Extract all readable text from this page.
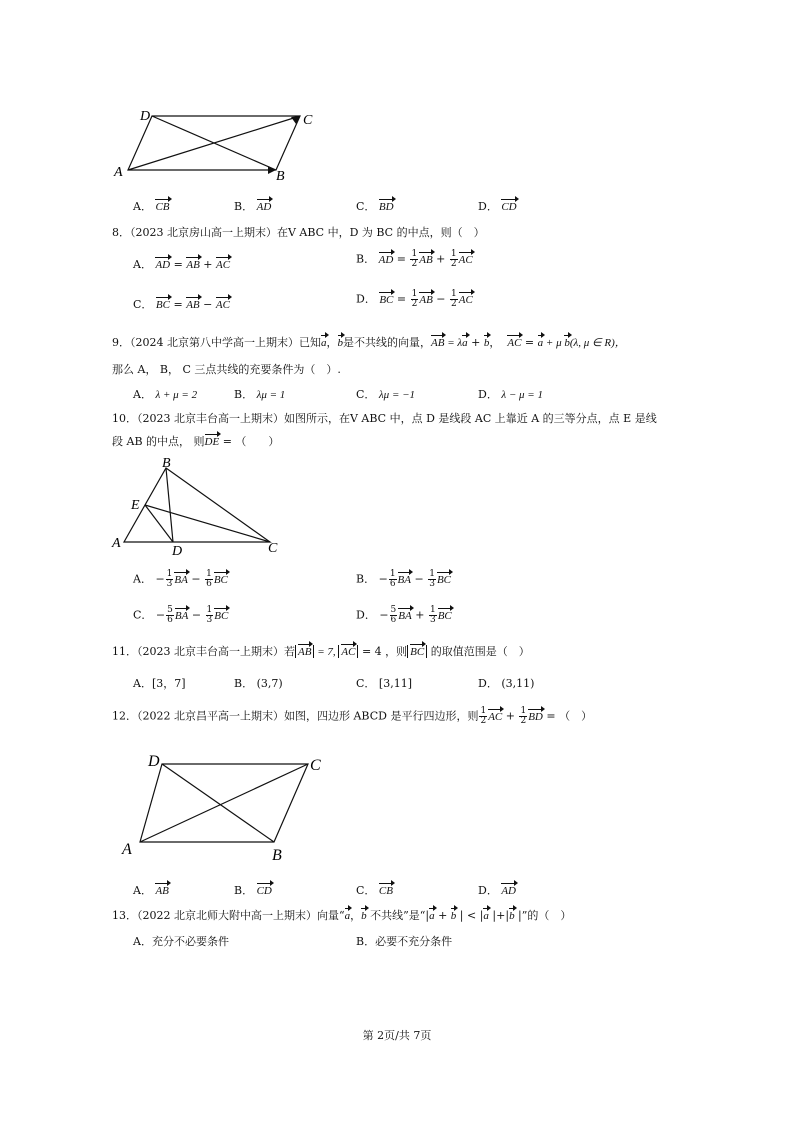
A	B
C
D
A． CB	B． AD	C． BD	D． CD
8．（2023 北京房山高一上期末）在V ABC 中，D 为 BC 的中点，则（　）
A． AD = AB + AC	B． AD = $\frac{1}{2}$ AB + $\frac{1}{2}$ AC
C． BC = AB − AC	D． BC = $\frac{1}{2}$ AB − $\frac{1}{2}$ AC
9．（2024 北京第八中学高一上期末）已知a，b是不共线的向量，AB = λa + b， AC = a + μ b(λ, μ ∈ R)，
那么 A， B， C 三点共线的充要条件为（　）.
A． λ + μ = 2	B． λμ = 1	C． λμ = −1	D． λ − μ = 1
10．（2023 北京丰台高一上期末）如图所示，在V ABC 中，点 D 是线段 AC 上靠近 A 的三等分点，点 E 是线
段 AB 的中点， 则DE = （　　）
A
B
C
D
E
A． − $\frac{1}{3}$ BA − $\frac{1}{6}$ BC	B． − $\frac{1}{6}$ BA − $\frac{1}{3}$ BC
C． − $\frac{5}{6}$ BA − $\frac{1}{3}$ BC	D． − $\frac{5}{6}$ BA + $\frac{1}{3}$ BC
11．（2023 北京丰台高一上期末）若 AB = 7, AC = 4 ，则 BC 的取值范围是（　）
A．[3，7]	B． (3,7)	C． [3,11]	D． (3,11)
12．（2022 北京昌平高一上期末）如图，四边形 ABCD 是平行四边形，则 $\frac{1}{2}$ AC + $\frac{1}{2}$ BD = （　）
A	B
C
D
A． AB	B． CD	C． CB	D． AD
13．（2022 北京北师大附中高一上期末）向量“a，b 不共线”是“|a + b | < |a |+|b |”的（　）
A．充分不必要条件	B．必要不充分条件
第 2页/共 7页
